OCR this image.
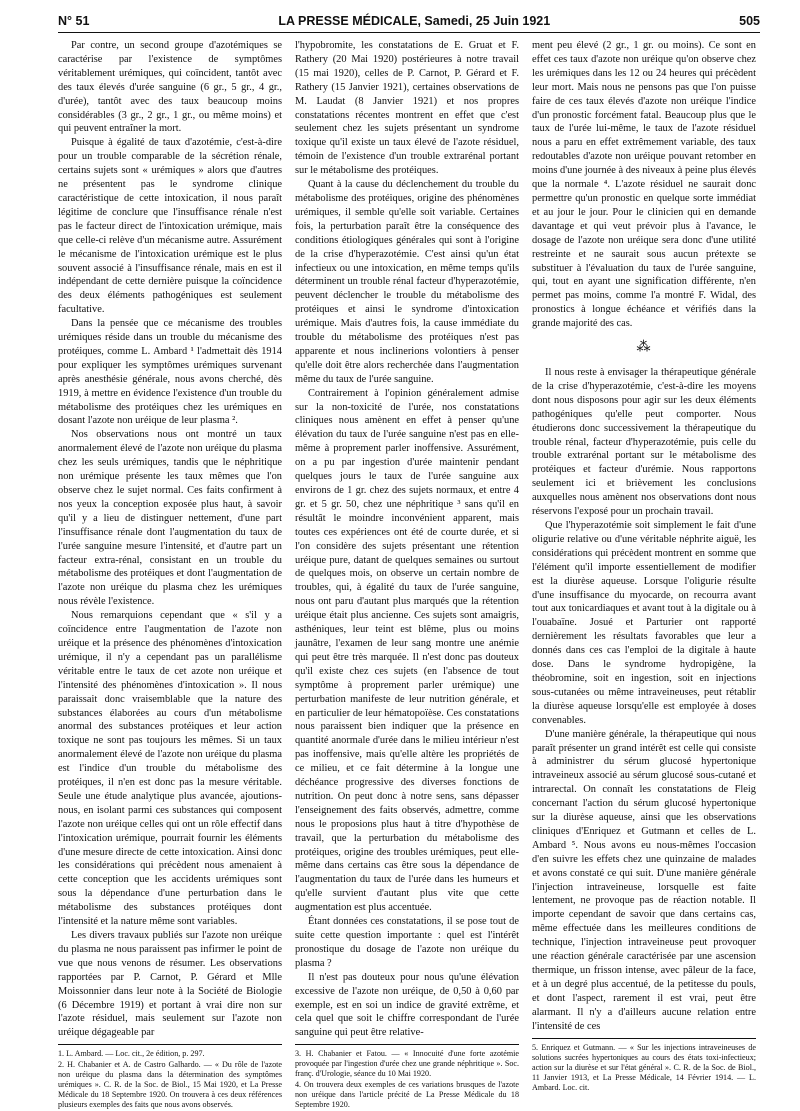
N° 51	LA PRESSE MÉDICALE, Samedi, 25 Juin 1921	505

Par contre, un second groupe d'azotémiques se caractérise par l'existence de symptômes véritablement urémiques, qui coïncident, tantôt avec des taux élevés d'urée sanguine (6 gr., 5 gr., 4 gr., d'urée), tantôt avec des taux beaucoup moins considérables (3 gr., 2 gr., 1 gr., ou même moins) et qui peuvent entraîner la mort.

Puisque à égalité de taux d'azotémie, c'est-à-dire pour un trouble comparable de la sécrétion rénale, certains sujets sont « urémiques » alors que d'autres ne présentent pas le syndrome clinique caractéristique de cette intoxication, il nous paraît légitime de conclure que l'insuffisance rénale n'est pas le facteur direct de l'intoxication urémique, mais que celle-ci relève d'un mécanisme autre. Assurément le mécanisme de l'intoxication urémique est le plus souvent associé à l'insuffisance rénale, mais en est il indépendant de cette dernière puisque la coïncidence des deux éléments pathogéniques est seulement facultative.

Dans la pensée que ce mécanisme des troubles urémiques réside dans un trouble du mécanisme des protéiques, comme L. Ambard ¹ l'admettait dès 1914 pour expliquer les symptômes urémiques survenant après anesthésie générale, nous avons cherché, dès 1919, à mettre en évidence l'existence d'un trouble du métabolisme des protéiques chez les urémiques en dosant l'azote non uréique de leur plasma ².

Nos observations nous ont montré un taux anormalement élevé de l'azote non uréique du plasma chez les seuls urémiques, tandis que le néphritique non urémique présente les taux mêmes que l'on observe chez le sujet normal. Ces faits confirment à nos yeux la conception exposée plus haut, à savoir qu'il y a lieu de distinguer nettement, d'une part l'insuffisance rénale dont l'augmentation du taux de l'urée sanguine mesure l'intensité, et d'autre part un facteur extra-rénal, consistant en un trouble du métabolisme des protéiques et dont l'augmentation de l'azote non uréique du plasma chez les urémiques nous révèle l'existence.

Nous remarquions cependant que « s'il y a coïncidence entre l'augmentation de l'azote non uréique et la présence des phénomènes d'intoxication urémique, il n'y a cependant pas un parallélisme véritable entre le taux de cet azote non uréique et l'intensité des phénomènes d'intoxication ». Il nous paraissait donc vraisemblable que la nature des substances élaborées au cours d'un métabolisme anormal des substances protéiques et leur action toxique ne sont pas toujours les mêmes. Si un taux anormalement élevé de l'azote non uréique du plasma est l'indice d'un trouble du métabolisme des protéiques, il n'en est donc pas la mesure véritable. Seule une étude analytique plus avancée, ajoutions-nous, en isolant parmi ces substances qui composent l'azote non uréique celles qui ont un rôle effectif dans l'intoxication urémique, pourrait fournir les éléments d'une mesure directe de cette intoxication. Ainsi donc les considérations qui précèdent nous amenaient à cette conception que les accidents urémiques sont sous la dépendance d'une perturbation dans le métabolisme des substances protéiques dont l'intensité et la nature même sont variables.

Les divers travaux publiés sur l'azote non uréique du plasma ne nous paraissent pas infirmer le point de vue que nous venons de résumer. Les observations rapportées par P. Carnot, P. Gérard et Mlle Moissonnier dans leur note à la Société de Biologie (6 Décembre 1919) et portant à vrai dire non sur l'azote résiduel, mais seulement sur l'azote non uréique dégageable par

1. L. Ambard. — Loc. cit., 2e édition, p. 297.

2. H. Chabanier et A. de Castro Galhardo. — « Du rôle de l'azote non uréique du plasma dans la détermination des symptômes urémiques ». C. R. de la Soc. de Biol., 15 Mai 1920, et La Presse Médicale du 18 Septembre 1920. On trouvera à ces deux références plusieurs exemples des faits que nous avons observés.

l'hypobromite, les constatations de E. Gruat et F. Rathery (20 Mai 1920) postérieures à notre travail (15 mai 1920), celles de P. Carnot, P. Gérard et F. Rathery (15 Janvier 1921), certaines observations de M. Laudat (8 Janvier 1921) et nos propres constatations récentes montrent en effet que c'est seulement chez les sujets présentant un syndrome toxique qu'il existe un taux élevé de l'azote résiduel, témoin de l'existence d'un trouble extrarénal portant sur le métabolisme des protéiques.

Quant à la cause du déclenchement du trouble du métabolisme des protéiques, origine des phénomènes urémiques, il semble qu'elle soit variable. Certaines fois, la perturbation paraît être la conséquence des conditions étiologiques générales qui sont à l'origine de la crise d'hyperazotémie. C'est ainsi qu'un état infectieux ou une intoxication, en même temps qu'ils déterminent un trouble rénal facteur d'hyperazotémie, peuvent déclencher le trouble du métabolisme des protéiques et ainsi le syndrome d'intoxication urémique. Mais d'autres fois, la cause immédiate du trouble du métabolisme des protéiques n'est pas apparente et nous inclinerions volontiers à penser qu'elle doit être alors recherchée dans l'augmentation même du taux de l'urée sanguine.

Contrairement à l'opinion généralement admise sur la non-toxicité de l'urée, nos constatations cliniques nous amènent en effet à penser qu'une élévation du taux de l'urée sanguine n'est pas en elle-même à proprement parler inoffensive. Assurément, on a pu par ingestion d'urée maintenir pendant quelques jours le taux de l'urée sanguine aux environs de 1 gr. chez des sujets normaux, et entre 4 gr. et 5 gr. 50, chez une néphritique ³ sans qu'il en résultât le moindre inconvénient apparent, mais toutes ces expériences ont été de courte durée, et si l'on considère des sujets présentant une rétention uréique pure, datant de quelques semaines ou surtout de quelques mois, on observe un certain nombre de troubles, qui, à égalité du taux de l'urée sanguine, nous ont paru d'autant plus marqués que la rétention uréique était plus ancienne. Ces sujets sont amaigris, asthéniques, leur teint est blême, plus ou moins jaunâtre, l'examen de leur sang montre une anémie qui peut être très marquée. Il n'est donc pas douteux qu'il existe chez ces sujets (en l'absence de tout symptôme à proprement parler urémique) une perturbation manifeste de leur nutrition générale, et en particulier de leur hématopoïèse. Ces constatations nous paraissent bien indiquer que la présence en quantité anormale d'urée dans le milieu intérieur n'est pas inoffensive, mais qu'elle altère les propriétés de ce milieu, et ce fait détermine à la longue une déchéance progressive des diverses fonctions de nutrition. On peut donc à notre sens, sans dépasser l'enseignement des faits observés, admettre, comme nous le proposions plus haut à titre d'hypothèse de travail, que la perturbation du métabolisme des protéiques, origine des troubles urémiques, peut elle-même dans certains cas être sous la dépendance de l'augmentation du taux de l'urée dans les humeurs et qu'elle survient d'autant plus vite que cette augmentation est plus accentuée.

Étant données ces constatations, il se pose tout de suite cette question importante : quel est l'intérêt pronostique du dosage de l'azote non uréique du plasma ?

Il n'est pas douteux pour nous qu'une élévation excessive de l'azote non uréique, de 0,50 à 0,60 par exemple, est en soi un indice de gravité extrême, et cela quel que soit le chiffre correspondant de l'urée sanguine qui peut être relative-

3. H. Chabanier et Fatou. — « Innocuité d'une forte azotémie provoquée par l'ingestion d'urée chez une grande néphritique ». Soc. franç. d'Urologie, séance du 10 Mai 1920.

4. On trouvera deux exemples de ces variations brusques de l'azote non uréique dans l'article précité de La Presse Médicale du 18 Septembre 1920.

ment peu élevé (2 gr., 1 gr. ou moins). Ce sont en effet ces taux d'azote non uréique qu'on observe chez les urémiques dans les 12 ou 24 heures qui précèdent leur mort. Mais nous ne pensons pas que l'on puisse faire de ces taux élevés d'azote non uréique l'indice d'un pronostic forcément fatal. Beaucoup plus que le taux de l'urée lui-même, le taux de l'azote résiduel nous a paru en effet extrêmement variable, des taux redoutables d'azote non uréique pouvant retomber en moins d'une journée à des niveaux à peine plus élevés que la normale ⁴. L'azote résiduel ne saurait donc permettre qu'un pronostic en quelque sorte immédiat et au jour le jour. Pour le clinicien qui en demande davantage et qui veut prévoir plus à l'avance, le dosage de l'azote non uréique sera donc d'une utilité restreinte et ne saurait sous aucun prétexte se substituer à l'évaluation du taux de l'urée sanguine, qui, tout en ayant une signification différente, n'en permet pas moins, comme l'a montré F. Widal, des pronostics à longue échéance et vérifiés dans la grande majorité des cas.

⁂

Il nous reste à envisager la thérapeutique générale de la crise d'hyperazotémie, c'est-à-dire les moyens dont nous disposons pour agir sur les deux éléments pathogéniques qu'elle peut comporter. Nous étudierons donc successivement la thérapeutique du trouble rénal, facteur d'hyperazotémie, puis celle du trouble extrarénal portant sur le métabolisme des protéiques et facteur d'urémie. Nous rapportons seulement ici et brièvement les conclusions auxquelles nous amènent nos observations dont nous réservons l'exposé pour un prochain travail.

Que l'hyperazotémie soit simplement le fait d'une oligurie relative ou d'une véritable néphrite aiguë, les considérations qui précèdent montrent en somme que l'élément qu'il importe essentiellement de modifier est la diurèse aqueuse. Lorsque l'oligurie résulte d'une insuffisance du myocarde, on recourra avant tout aux tonicardiaques et avant tout à la digitale ou à l'ouabaïne. Josué et Parturier ont rapporté dernièrement les résultats favorables que leur a donnés dans ces cas l'emploi de la digitale à haute dose. Dans le syndrome hydropigène, la théobromine, soit en ingestion, soit en injections sous-cutanées ou même intraveineuses, peut rétablir la diurèse aqueuse lorsqu'elle est employée à doses convenables.

D'une manière générale, la thérapeutique qui nous paraît présenter un grand intérêt est celle qui consiste à administrer du sérum glucosé hypertonique intraveineux associé au sérum glucosé sous-cutané et intrarectal. On connaît les constatations de Fleig concernant l'action du sérum glucosé hypertonique sur la diurèse aqueuse, ainsi que les observations cliniques d'Enriquez et Gutmann et celles de L. Ambard ⁵. Nous avons eu nous-mêmes l'occasion d'en suivre les effets chez une quinzaine de malades et avons constaté ce qui suit. D'une manière générale l'injection intraveineuse, lorsquelle est faite lentement, ne provoque pas de réaction notable. Il importe cependant de savoir que dans certains cas, même effectuée dans les meilleures conditions de technique, l'injection intraveineuse peut provoquer une réaction générale caractérisée par une ascension thermique, un frisson intense, avec pâleur de la face, et à un degré plus accentué, de la petitesse du pouls, et dont l'aspect, rarement il est vrai, peut être alarmant. Il n'y a d'ailleurs aucune relation entre l'intensité de ces

5. Enriquez et Gutmann. — « Sur les injections intraveineuses de solutions sucrées hypertoniques au cours des états toxi-infectieux; action sur la diurèse et sur l'état général ». C. R. de la Soc. de Biol., 11 Janvier 1913, et La Presse Médicale, 14 Février 1914. — L. Ambard. Loc. cit.
